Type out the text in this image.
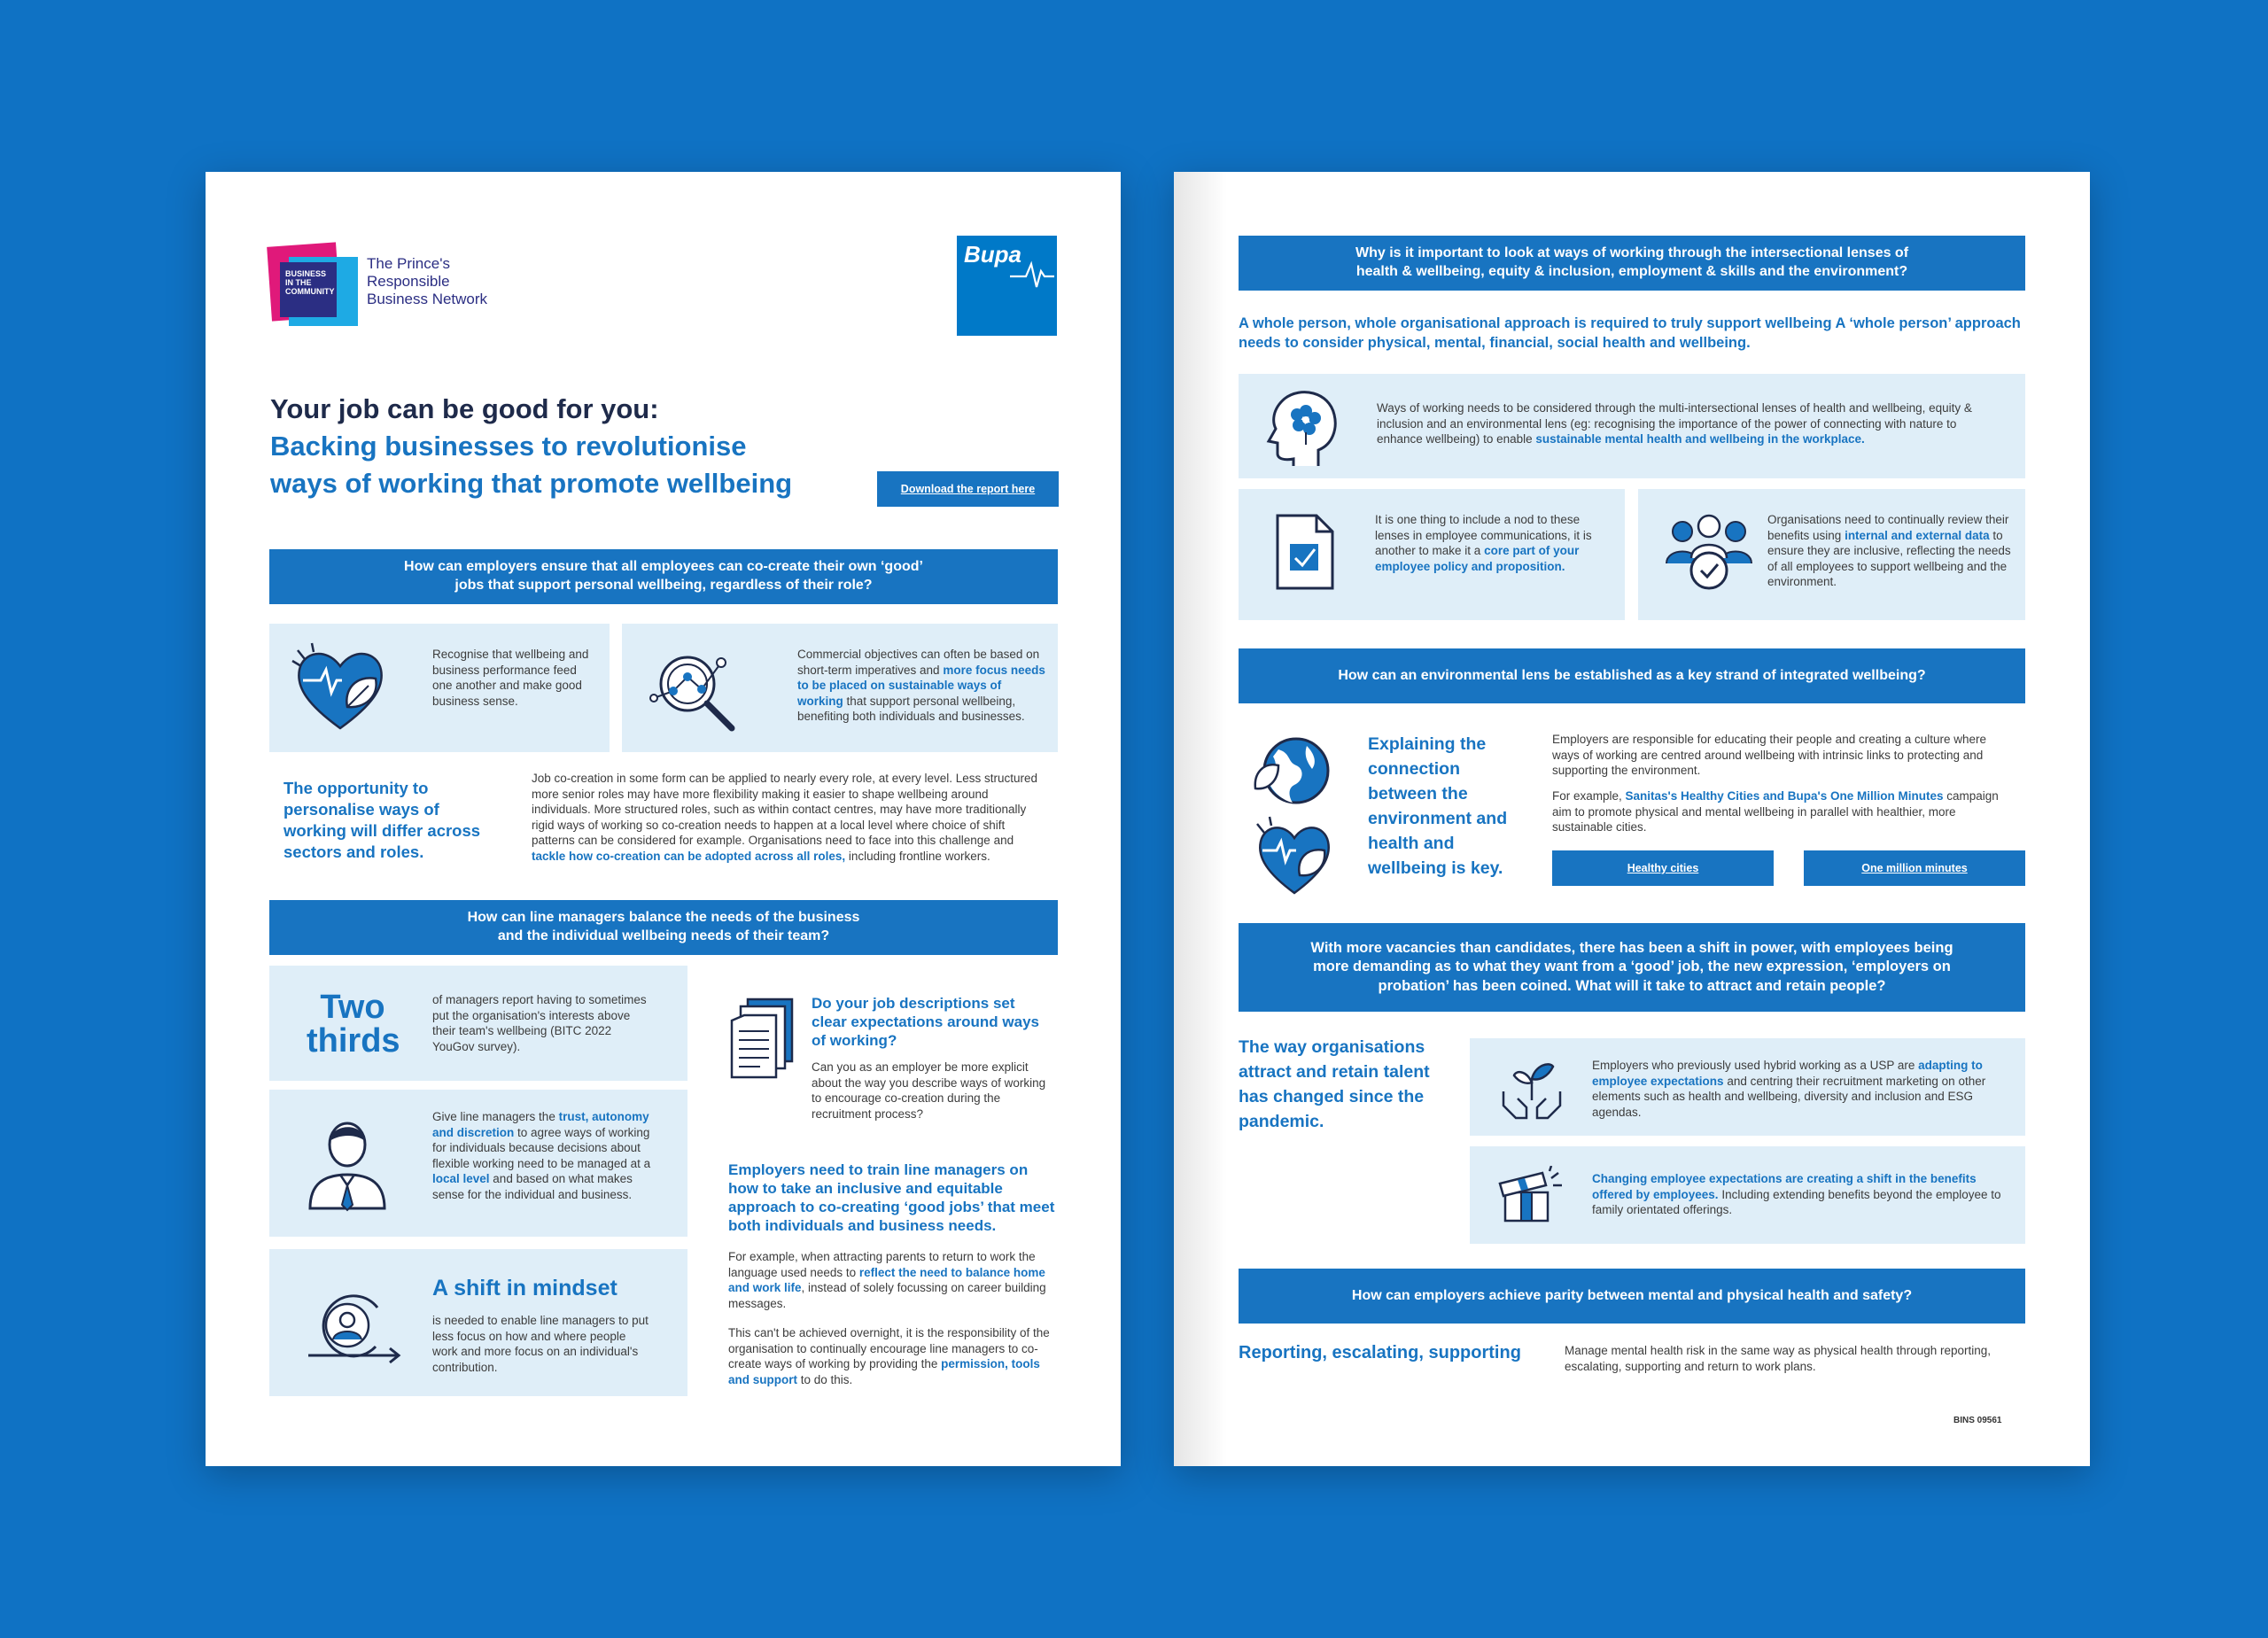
BUSINESS
IN THE
COMMUNITY
The Prince's
Responsible
Business Network
Bupa
Your job can be good for you:
Backing businesses to revolutionise
ways of working that promote wellbeing	Download the report here
How can employers ensure that all employees can co-create their own ‘good’
jobs that support personal wellbeing, regardless of their role?
Recognise that wellbeing and business performance feed one another and make good business sense.
Commercial objectives can often be based on short-term imperatives and more focus needs to be placed on sustainable ways of working that support personal wellbeing, benefiting both individuals and businesses.
The opportunity to personalise ways of working will differ across sectors and roles.
Job co-creation in some form can be applied to nearly every role, at every level. Less structured more senior roles may have more flexibility making it easier to shape wellbeing around individuals. More structured roles, such as within contact centres, may have more traditionally rigid ways of working so co-creation needs to happen at a local level where choice of shift patterns can be considered for example. Organisations need to face into this challenge and tackle how co-creation can be adopted across all roles, including frontline workers.
How can line managers balance the needs of the business
and the individual wellbeing needs of their team?
Two
thirds
of managers report having to sometimes put the organisation's interests above their team's wellbeing (BITC 2022 YouGov survey).
Give line managers the trust, autonomy and discretion to agree ways of working for individuals because decisions about flexible working need to be managed at a local level and based on what makes sense for the individual and business.
A shift in mindset
is needed to enable line managers to put less focus on how and where people work and more focus on an individual's contribution.
Do your job descriptions set clear expectations around ways of working?
Can you as an employer be more explicit about the way you describe ways of working to encourage co-creation during the recruitment process?
Employers need to train line managers on how to take an inclusive and equitable approach to co-creating ‘good jobs’ that meet both individuals and business needs.
For example, when attracting parents to return to work the language used needs to reflect the need to balance home and work life, instead of solely focussing on career building messages.
This can't be achieved overnight, it is the responsibility of the organisation to continually encourage line managers to co-create ways of working by providing the permission, tools and support to do this.
Why is it important to look at ways of working through the intersectional lenses of
health & wellbeing, equity & inclusion, employment & skills and the environment?
A whole person, whole organisational approach is required to truly support wellbeing A ‘whole person’ approach needs to consider physical, mental, financial, social health and wellbeing.
Ways of working needs to be considered through the multi-intersectional lenses of health and wellbeing, equity & inclusion and an environmental lens (eg: recognising the importance of the power of connecting with nature to enhance wellbeing) to enable sustainable mental health and wellbeing in the workplace.
It is one thing to include a nod to these lenses in employee communications, it is another to make it a core part of your employee policy and proposition.
Organisations need to continually review their benefits using internal and external data to ensure they are inclusive, reflecting the needs of all employees to support wellbeing and the environment.
How can an environmental lens be established as a key strand of integrated wellbeing?
Explaining the connection between the environment and health and wellbeing is key.
Employers are responsible for educating their people and creating a culture where ways of working are centred around wellbeing with intrinsic links to protecting and supporting the environment.
For example, Sanitas's Healthy Cities and Bupa's One Million Minutes campaign aim to promote physical and mental wellbeing in parallel with healthier, more sustainable cities.
Healthy cities	One million minutes
With more vacancies than candidates, there has been a shift in power, with employees being
more demanding as to what they want from a ‘good’ job, the new expression, ‘employers on
probation’ has been coined. What will it take to attract and retain people?
The way organisations attract and retain talent has changed since the pandemic.
Employers who previously used hybrid working as a USP are adapting to employee expectations and centring their recruitment marketing on other elements such as health and wellbeing, diversity and inclusion and ESG agendas.
Changing employee expectations are creating a shift in the benefits offered by employees. Including extending benefits beyond the employee to family orientated offerings.
How can employers achieve parity between mental and physical health and safety?
Reporting, escalating, supporting	Manage mental health risk in the same way as physical health through reporting, escalating, supporting and return to work plans.
BINS 09561
